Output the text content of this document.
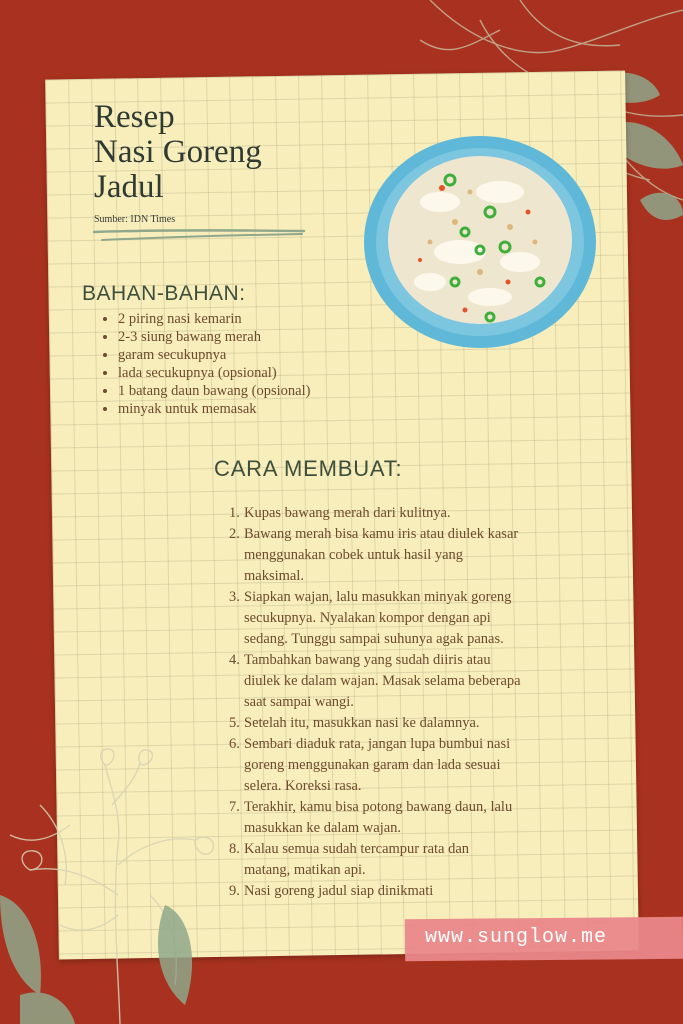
Resep
Nasi Goreng
Jadul
Sumber: IDN Times
BAHAN-BAHAN:
• 2 piring nasi kemarin
• 2-3 siung bawang merah
• garam secukupnya
• lada secukupnya (opsional)
• 1 batang daun bawang (opsional)
• minyak untuk memasak
CARA MEMBUAT:
1. Kupas bawang merah dari kulitnya.
2. Bawang merah bisa kamu iris atau diulek kasar
menggunakan cobek untuk hasil yang
maksimal.
3. Siapkan wajan, lalu masukkan minyak goreng
secukupnya. Nyalakan kompor dengan api
sedang. Tunggu sampai suhunya agak panas.
4. Tambahkan bawang yang sudah diiris atau
diulek ke dalam wajan. Masak selama beberapa
saat sampai wangi.
5. Setelah itu, masukkan nasi ke dalamnya.
6. Sembari diaduk rata, jangan lupa bumbui nasi
goreng menggunakan garam dan lada sesuai
selera. Koreksi rasa.
7. Terakhir, kamu bisa potong bawang daun, lalu
masukkan ke dalam wajan.
8. Kalau semua sudah tercampur rata dan
matang, matikan api.
9. Nasi goreng jadul siap dinikmati
www.sunglow.me
